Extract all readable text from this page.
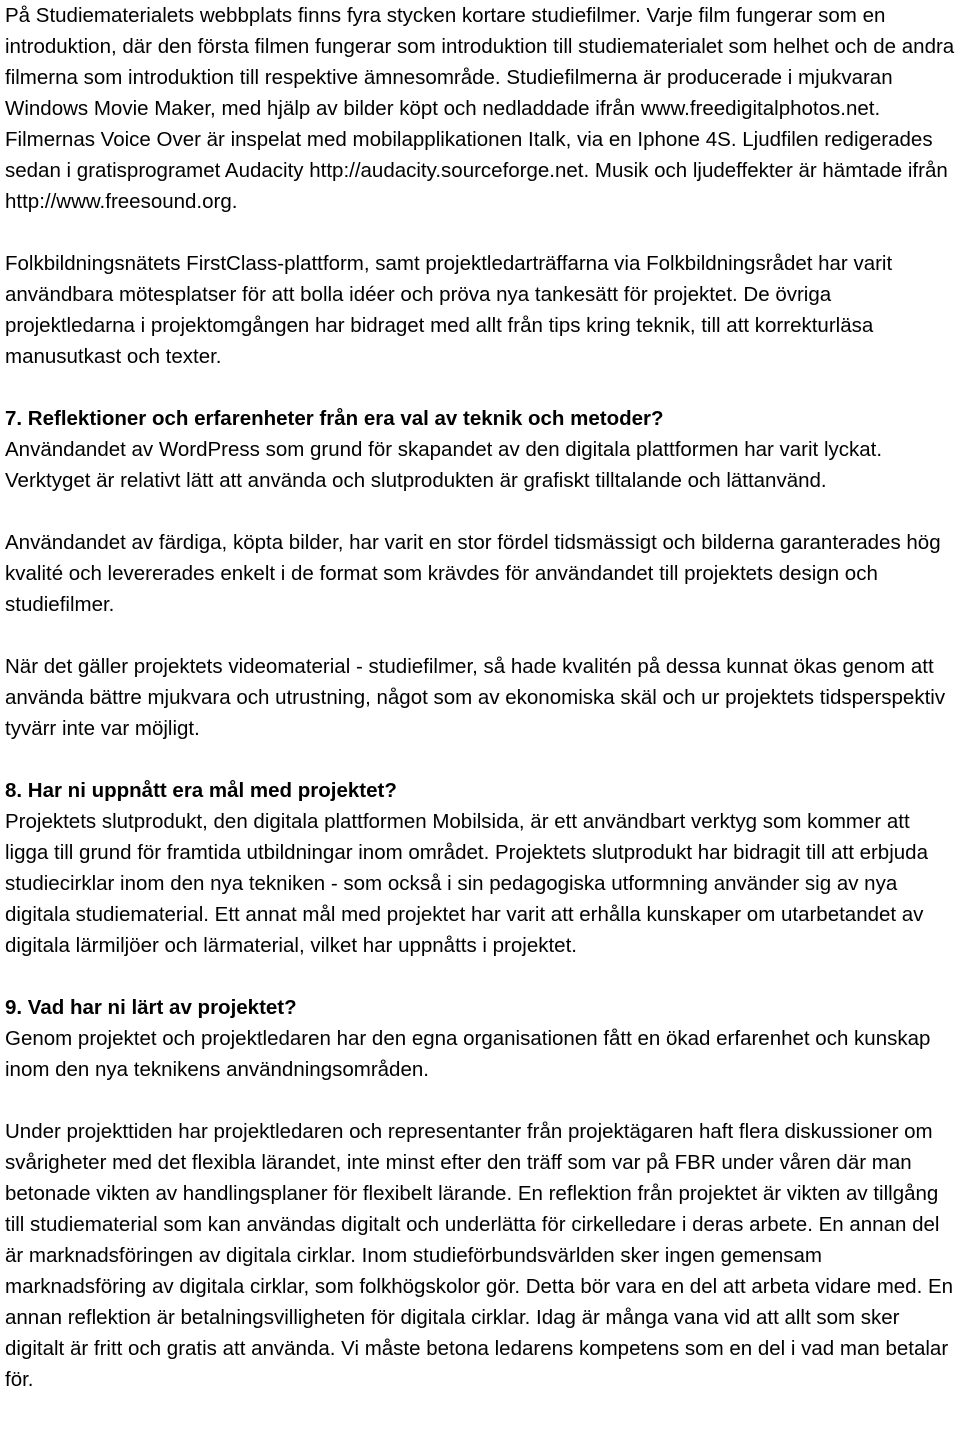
På Studiematerialets webbplats finns fyra stycken kortare studiefilmer. Varje film fungerar som en introduktion, där den första filmen fungerar som introduktion till studiematerialet som helhet och de andra filmerna som introduktion till respektive ämnesområde. Studiefilmerna är producerade i mjukvaran Windows Movie Maker, med hjälp av bilder köpt och nedladdade ifrån www.freedigitalphotos.net. Filmernas Voice Over är inspelat med mobilapplikationen Italk, via en Iphone 4S. Ljudfilen redigerades sedan i gratisprogramet Audacity http://audacity.sourceforge.net. Musik och ljudeffekter är hämtade ifrån http://www.freesound.org.

Folkbildningsnätets FirstClass-plattform, samt projektledarträffarna via Folkbildningsrådet har varit användbara mötesplatser för att bolla idéer och pröva nya tankesätt för projektet. De övriga projektledarna i projektomgången har bidraget med allt från tips kring teknik, till att korrekturläsa manusutkast och texter.

7. Reflektioner och erfarenheter från era val av teknik och metoder?

Användandet av WordPress som grund för skapandet av den digitala plattformen har varit lyckat. Verktyget är relativt lätt att använda och slutprodukten är grafiskt tilltalande och lättanvänd.

Användandet av färdiga, köpta bilder, har varit en stor fördel tidsmässigt och bilderna garanterades hög kvalité och levererades enkelt i de format som krävdes för användandet till projektets design och studiefilmer.

När det gäller projektets videomaterial - studiefilmer, så hade kvalitén på dessa kunnat ökas genom att använda bättre mjukvara och utrustning, något som av ekonomiska skäl och ur projektets tidsperspektiv tyvärr inte var möjligt.

8. Har ni uppnått era mål med projektet?

Projektets slutprodukt, den digitala plattformen Mobilsida, är ett användbart verktyg som kommer att ligga till grund för framtida utbildningar inom området. Projektets slutprodukt har bidragit till att erbjuda studiecirklar inom den nya tekniken - som också i sin pedagogiska utformning använder sig av nya digitala studiematerial. Ett annat mål med projektet har varit att erhålla kunskaper om utarbetandet av digitala lärmiljöer och lärmaterial, vilket har uppnåtts i projektet.

9. Vad har ni lärt av projektet?

Genom projektet och projektledaren har den egna organisationen fått en ökad erfarenhet och kunskap inom den nya teknikens användningsområden.

Under projekttiden har projektledaren och representanter från projektägaren haft flera diskussioner om svårigheter med det flexibla lärandet, inte minst efter den träff som var på FBR under våren där man betonade vikten av handlingsplaner för flexibelt lärande. En reflektion från projektet är vikten av tillgång till studiematerial som kan användas digitalt och underlätta för cirkelledare i deras arbete. En annan del är marknadsföringen av digitala cirklar. Inom studieförbundsvärlden sker ingen gemensam marknadsföring av digitala cirklar, som folkhögskolor gör. Detta bör vara en del att arbeta vidare med. En annan reflektion är betalningsvilligheten för digitala cirklar. Idag är många vana vid att allt som sker digitalt är fritt och gratis att använda. Vi måste betona ledarens kompetens som en del i vad man betalar för.
